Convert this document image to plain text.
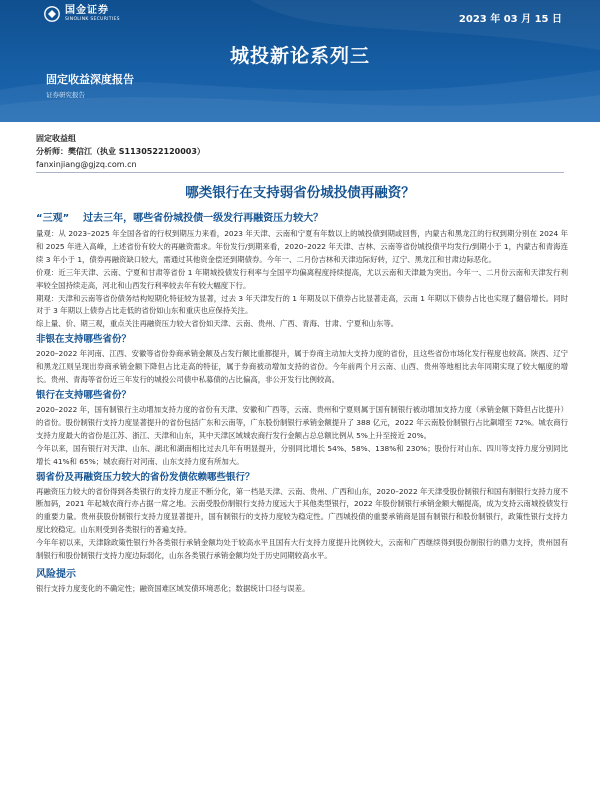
国金证券
SINOLINK SECURITIES	2023 年 03 月 15 日
城投新论系列三
固定收益深度报告
证券研究报告
固定收益组
分析师：樊信江（执业 S1130522120003）
fanxinjiang@gjzq.com.cn
哪类银行在支持弱省份城投债再融资？
“三观” 过去三年，哪些省份城投债一级发行再融资压力较大？
量观：从 2023–2025 年全国各省的行权到期压力来看，2023 年天津、云南和宁夏有年数以上的城投债到期或回售，内蒙古和黑龙江的行权到期分别在 2024 年和 2025 年进入高峰，上述省份有较大的再融资需求。年份发行/到期来看，2020–2022 年天津、吉林、云南等省份城投债平均发行/到期小于 1，内蒙古和青海连续 3 年小于 1，债券再融资缺口较大，需通过其他资金偿还到期债券。今年一、二月份吉林和天津边际好转，辽宁、黑龙江和甘肃边际恶化。
价观：近三年天津、云南、宁夏和甘肃等省份 1 年期城投债发行利率与全国平均偏离程度持续提高，尤以云南和天津最为突出。今年一、二月份云南和天津发行利率较全国持续走高，河北和山西发行利率较去年有较大幅度下行。
期观：天津和云南等省份债务结构短期化特征较为显著，过去 3 年天津发行的 1 年期及以下债券占比显著走高，云南 1 年期以下债券占比也实现了翻倍增长。同时对于 3 年期以上债券占比走低的省份如山东和重庆也应保持关注。
综上量、价、期三观，重点关注再融资压力较大省份如天津、云南、贵州、广西、青海、甘肃、宁夏和山东等。
非银在支持哪些省份？
2020–2022 年河南、江西、安徽等省份券商承销金额及占发行额比重都提升，属于券商主动加大支持力度的省份，且这些省份市场化发行程度也较高。陕西、辽宁和黑龙江则呈现出券商承销金额下降但占比走高的特征，属于券商被动增加支持的省份。今年前两个月云南、山西、贵州等地相比去年同期实现了较大幅度的增长。贵州、青海等省份近三年发行的城投公司债中私募债的占比偏高，非公开发行比例较高。
银行在支持哪些省份？
2020–2022 年，国有制银行主动增加支持力度的省份有天津、安徽和广西等，云南、贵州和宁夏则属于国有制银行被动增加支持力度（承销金额下降但占比提升）的省份。股份制银行支持力度显著提升的省份包括广东和云南等，广东股份制银行承销金额提升了 388 亿元，2022 年云南股份制银行占比飙增至 72%。城农商行支持力度最大的省份是江苏、浙江、天津和山东，其中天津区域城农商行发行金额占总总额比例从 5%上升至接近 20%。
今年以来，国有银行对天津、山东、湖北和湖南相比过去几年有明显提升，分别同比增长 54%、58%、138%和 230%；股份行对山东、四川等支持力度分别同比增长 41%和 65%；城农商行对河南、山东支持力度有所加大。
弱省份及再融资压力较大的省份发债依赖哪些银行？
再融资压力较大的省份得到各类银行的支持力度正不断分化，第一档是天津、云南、贵州、广西和山东，2020–2022 年天津受股份制银行和国有制银行支持力度不断加码，2021 年起城农商行亦占据一席之地。云南受股份制银行支持力度远大于其他类型银行，2022 年股份制银行承销金额大幅提高，成为支持云南城投债发行的重要力量。贵州获股份制银行支持力度显著提升，国有制银行的支持力度较为稳定性。广西城投债的重要承销商是国有制银行和股份制银行，政策性银行支持力度比较稳定。山东则受到各类银行的普遍支持。
今年年初以来，天津除政策性银行外各类银行承销金额均处于较高水平且国有大行支持力度提升比例较大，云南和广西继续得到股份制银行的鼎力支持，贵州国有制银行和股份制银行支持力度边际弱化，山东各类银行承销金额均处于历史同期较高水平。
风险提示
银行支持力度变化的不确定性；融资国难区域发债环境恶化；数据统计口径与误差。
